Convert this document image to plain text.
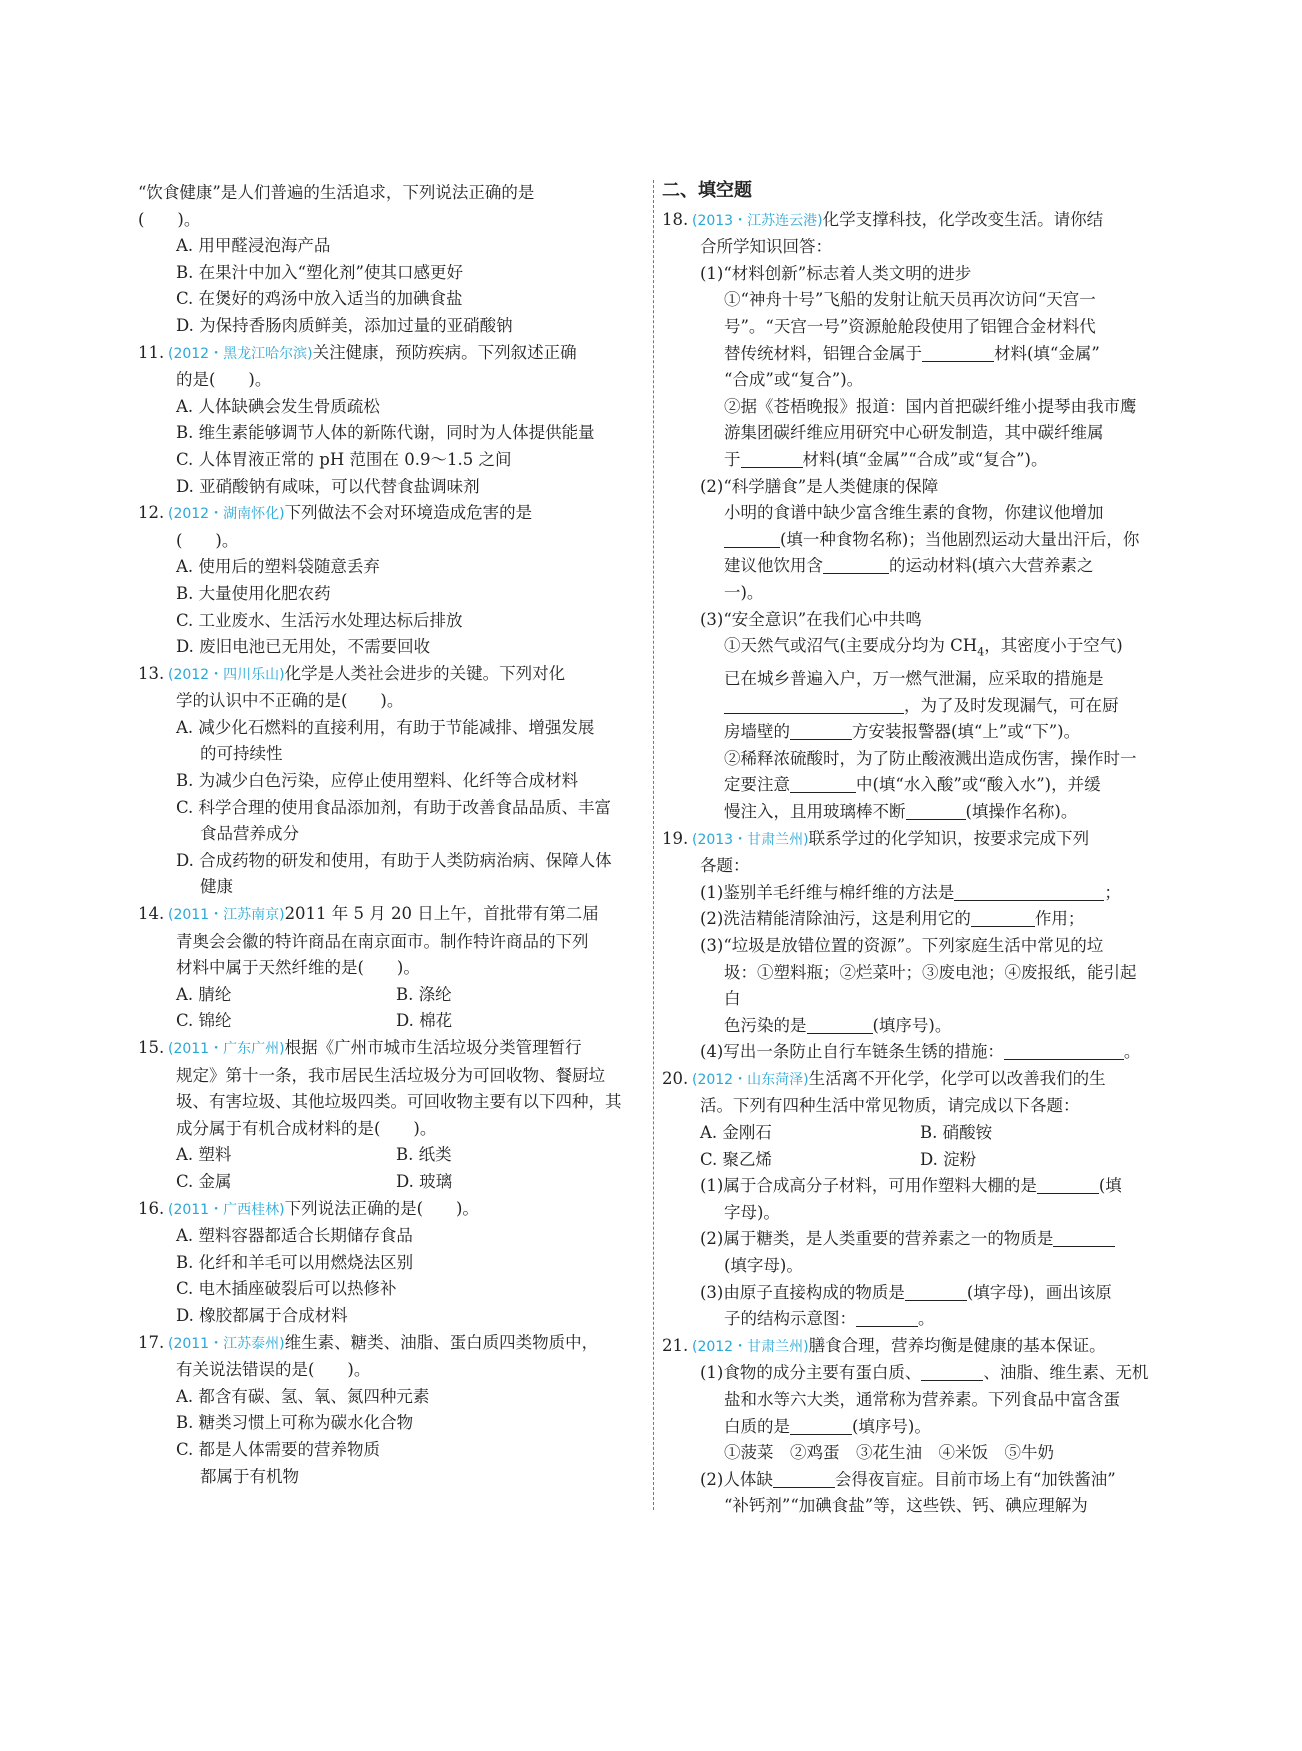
“饮食健康”是人们普遍的生活追求，下列说法正确的是
(　　)。
A. 用甲醛浸泡海产品
B. 在果汁中加入“塑化剂”使其口感更好
C. 在煲好的鸡汤中放入适当的加碘食盐
D. 为保持香肠肉质鲜美，添加过量的亚硝酸钠
11. (2012・黑龙江哈尔滨)关注健康，预防疾病。下列叙述正确
的是(　　)。
A. 人体缺碘会发生骨质疏松
B. 维生素能够调节人体的新陈代谢，同时为人体提供能量
C. 人体胃液正常的 pH 范围在 0.9～1.5 之间
D. 亚硝酸钠有咸味，可以代替食盐调味剂
12. (2012・湖南怀化)下列做法不会对环境造成危害的是
(　　)。
A. 使用后的塑料袋随意丢弃
B. 大量使用化肥农药
C. 工业废水、生活污水处理达标后排放
D. 废旧电池已无用处，不需要回收
13. (2012・四川乐山)化学是人类社会进步的关键。下列对化
学的认识中不正确的是(　　)。
A. 减少化石燃料的直接利用，有助于节能减排、增强发展
的可持续性
B. 为减少白色污染，应停止使用塑料、化纤等合成材料
C. 科学合理的使用食品添加剂，有助于改善食品品质、丰富
食品营养成分
D. 合成药物的研发和使用，有助于人类防病治病、保障人体
健康
14. (2011・江苏南京)2011 年 5 月 20 日上午，首批带有第二届
青奥会会徽的特许商品在南京面市。制作特许商品的下列
材料中属于天然纤维的是(　　)。
A. 腈纶	B. 涤纶
C. 锦纶	D. 棉花
15. (2011・广东广州)根据《广州市城市生活垃圾分类管理暂行
规定》第十一条，我市居民生活垃圾分为可回收物、餐厨垃
圾、有害垃圾、其他垃圾四类。可回收物主要有以下四种，其
成分属于有机合成材料的是(　　)。
A. 塑料	B. 纸类
C. 金属	D. 玻璃
16. (2011・广西桂林)下列说法正确的是(　　)。
A. 塑料容器都适合长期储存食品
B. 化纤和羊毛可以用燃烧法区别
C. 电木插座破裂后可以热修补
D. 橡胶都属于合成材料
17. (2011・江苏泰州)维生素、糖类、油脂、蛋白质四类物质中，
有关说法错误的是(　　)。
A. 都含有碳、氢、氧、氮四种元素
B. 糖类习惯上可称为碳水化合物
C. 都是人体需要的营养物质
都属于有机物
二、填空题
18. (2013・江苏连云港)化学支撑科技，化学改变生活。请你结
合所学知识回答：
(1)“材料创新”标志着人类文明的进步
①“神舟十号”飞船的发射让航天员再次访问“天宫一
号”。“天宫一号”资源舱舱段使用了铝锂合金材料代
替传统材料，铝锂合金属于	材料(填“金属”
“合成”或“复合”)。
②据《苍梧晚报》报道：国内首把碳纤维小提琴由我市鹰
游集团碳纤维应用研究中心研发制造，其中碳纤维属
于	材料(填“金属”“合成”或“复合”)。
(2)“科学膳食”是人类健康的保障
小明的食谱中缺少富含维生素的食物，你建议他增加
(填一种食物名称)；当他剧烈运动大量出汗后，你
建议他饮用含	的运动材料(填六大营养素之
一)。
(3)“安全意识”在我们心中共鸣
①天然气或沼气(主要成分均为 $CH_4$，其密度小于空气)
已在城乡普遍入户，万一燃气泄漏，应采取的措施是
，为了及时发现漏气，可在厨
房墙壁的	方安装报警器(填“上”或“下”)。
②稀释浓硫酸时，为了防止酸液溅出造成伤害，操作时一
定要注意	中(填“水入酸”或“酸入水”)，并缓
慢注入，且用玻璃棒不断	(填操作名称)。
19. (2013・甘肃兰州)联系学过的化学知识，按要求完成下列
各题：
(1)鉴别羊毛纤维与棉纤维的方法是	；
(2)洗洁精能清除油污，这是利用它的	作用；
(3)“垃圾是放错位置的资源”。下列家庭生活中常见的垃
圾：①塑料瓶；②烂菜叶；③废电池；④废报纸，能引起白
色污染的是	(填序号)。
(4)写出一条防止自行车链条生锈的措施：	。
20. (2012・山东菏泽)生活离不开化学，化学可以改善我们的生
活。下列有四种生活中常见物质，请完成以下各题：
A. 金刚石	B. 硝酸铵
C. 聚乙烯	D. 淀粉
(1)属于合成高分子材料，可用作塑料大棚的是	(填
字母)。
(2)属于糖类，是人类重要的营养素之一的物质是
(填字母)。
(3)由原子直接构成的物质是	(填字母)，画出该原
子的结构示意图：	。
21. (2012・甘肃兰州)膳食合理，营养均衡是健康的基本保证。
(1)食物的成分主要有蛋白质、	、油脂、维生素、无机
盐和水等六大类，通常称为营养素。下列食品中富含蛋
白质的是	(填序号)。
①菠菜　②鸡蛋　③花生油　④米饭　⑤牛奶
(2)人体缺	会得夜盲症。目前市场上有“加铁酱油”
“补钙剂”“加碘食盐”等，这些铁、钙、碘应理解为
